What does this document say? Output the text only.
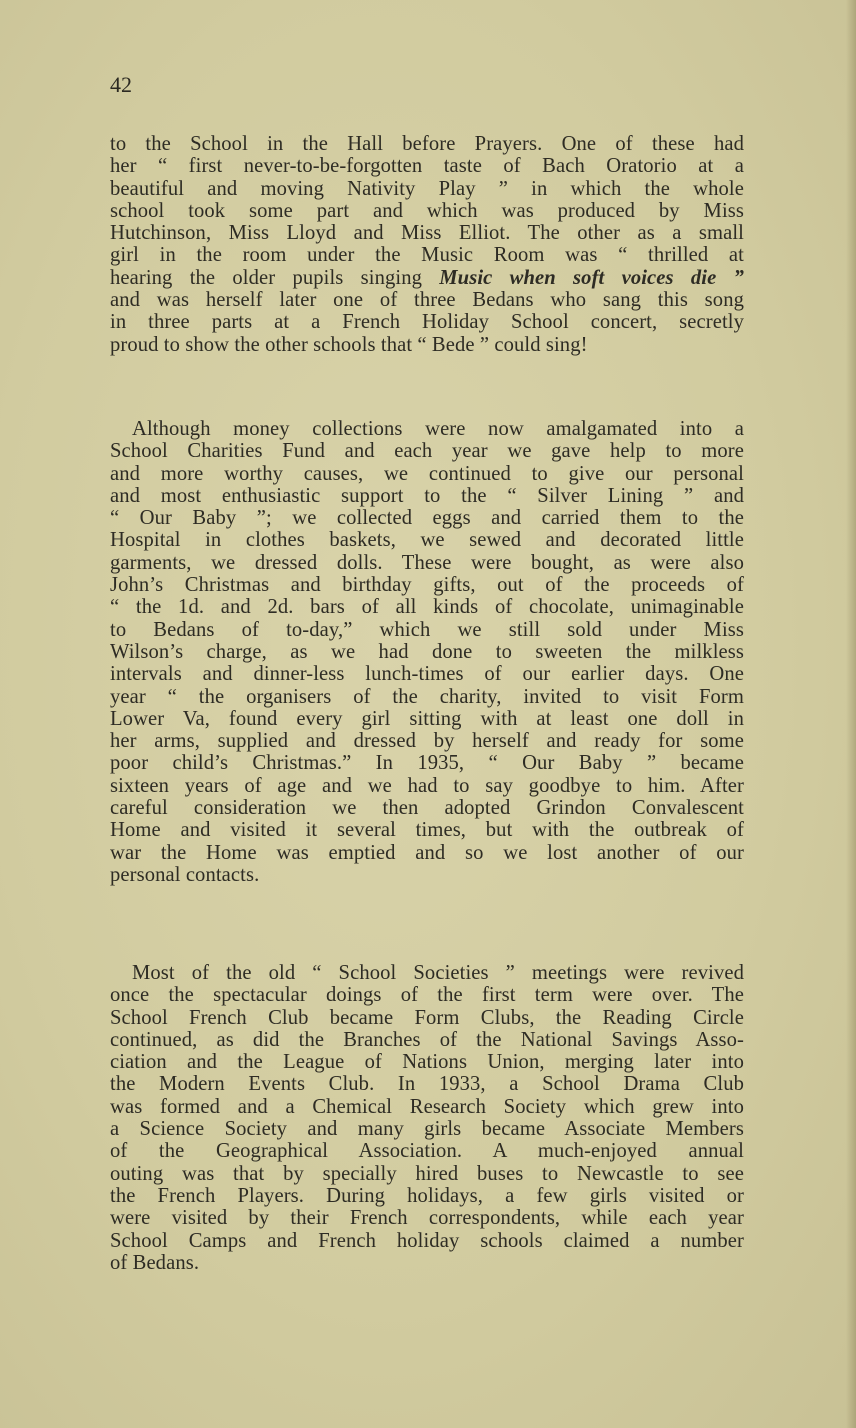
42
to the School in the Hall before Prayers. One of these had
her “ first never-to-be-forgotten taste of Bach Oratorio at a
beautiful and moving Nativity Play ” in which the whole
school took some part and which was produced by Miss
Hutchinson, Miss Lloyd and Miss Elliot. The other as a small
girl in the room under the Music Room was “ thrilled at
hearing the older pupils singing Music when soft voices die ”
and was herself later one of three Bedans who sang this song
in three parts at a French Holiday School concert, secretly
proud to show the other schools that “ Bede ” could sing!
Although money collections were now amalgamated into a
School Charities Fund and each year we gave help to more
and more worthy causes, we continued to give our personal
and most enthusiastic support to the “ Silver Lining ” and
“ Our Baby ”; we collected eggs and carried them to the
Hospital in clothes baskets, we sewed and decorated little
garments, we dressed dolls. These were bought, as were also
John’s Christmas and birthday gifts, out of the proceeds of
“ the 1d. and 2d. bars of all kinds of chocolate, unimaginable
to Bedans of to-day,” which we still sold under Miss
Wilson’s charge, as we had done to sweeten the milkless
intervals and dinner-less lunch-times of our earlier days. One
year “ the organisers of the charity, invited to visit Form
Lower Va, found every girl sitting with at least one doll in
her arms, supplied and dressed by herself and ready for some
poor child’s Christmas.” In 1935, “ Our Baby ” became
sixteen years of age and we had to say goodbye to him. After
careful consideration we then adopted Grindon Convalescent
Home and visited it several times, but with the outbreak of
war the Home was emptied and so we lost another of our
personal contacts.
Most of the old “ School Societies ” meetings were revived
once the spectacular doings of the first term were over. The
School French Club became Form Clubs, the Reading Circle
continued, as did the Branches of the National Savings Asso-
ciation and the League of Nations Union, merging later into
the Modern Events Club. In 1933, a School Drama Club
was formed and a Chemical Research Society which grew into
a Science Society and many girls became Associate Members
of the Geographical Association. A much-enjoyed annual
outing was that by specially hired buses to Newcastle to see
the French Players. During holidays, a few girls visited or
were visited by their French correspondents, while each year
School Camps and French holiday schools claimed a number
of Bedans.
